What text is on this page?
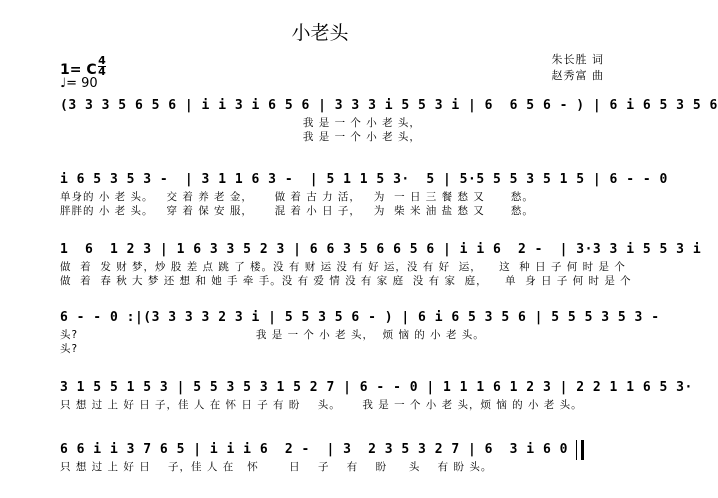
小老头
朱长胜 词
赵秀富 曲
1= C
4
4
♩= 90
(3 3 3 5 6 5 6 | i i 3 i 6 5 6 | 3 3 3 i 5 5 3 i | 6  6 5 6 - ) | 6 i 6 5 3 5 6
我 是 一 个 小 老 头，
我 是 一 个 小 老 头，
i 6 5 3 5 3 -  | 3 1 1 6 3 -  | 5 1 1 5 3·  5 | 5·5 5 5 3 5 1 5 | 6 - - 0
单身的 小 老 头。   交 着 养 老 金，     做 着 古 力 活，   为  一 日 三 餐 愁 又      愁。
胖胖的 小 老 头。   穿 着 保 安 服，     混 着 小 日 子，   为  柴 米 油 盐 愁 又      愁。
1  6  1 2 3 | 1 6 3 3 5 2 3 | 6 6 3 5 6 6 5 6 | i i 6  2 -  | 3·3 3 i 5 5 3 i
做  着  发 财 梦，炒 股 差 点 跳 了 楼。没 有 财 运 没 有 好 运，没 有 好  运，    这  种 日 子 何 时 是 个
做  着  春 秋 大 梦 还 想 和 她 手 牵 手。没 有 爱 情 没 有 家 庭  没 有 家  庭，    单  身 日 子 何 时 是 个
6 - - 0 :|(3 3 3 3 2 3 i | 5 5 3 5 6 - ) | 6 i 6 5 3 5 6 | 5 5 5 3 5 3 -
头?                                         我 是 一 个 小 老 头，  烦 恼 的 小 老 头。
头?
3 1 5 5 1 5 3 | 5 5 3 5 3 1 5 2 7 | 6 - - 0 | 1 1 1 6 1 2 3 | 2 2 1 1 6 5 3·
只 想 过 上 好 日 子，佳 人 在 怀 日 子 有 盼    头。     我 是 一 个 小 老 头，烦 恼 的 小 老 头。
6 6 i i 3 7 6 5 | i i i 6  2 -  | 3  2 3 5 3 2 7 | 6  3 i 6 0
只 想 过 上 好 日    子，佳 人 在   怀       日    子    有    盼     头    有 盼 头。
